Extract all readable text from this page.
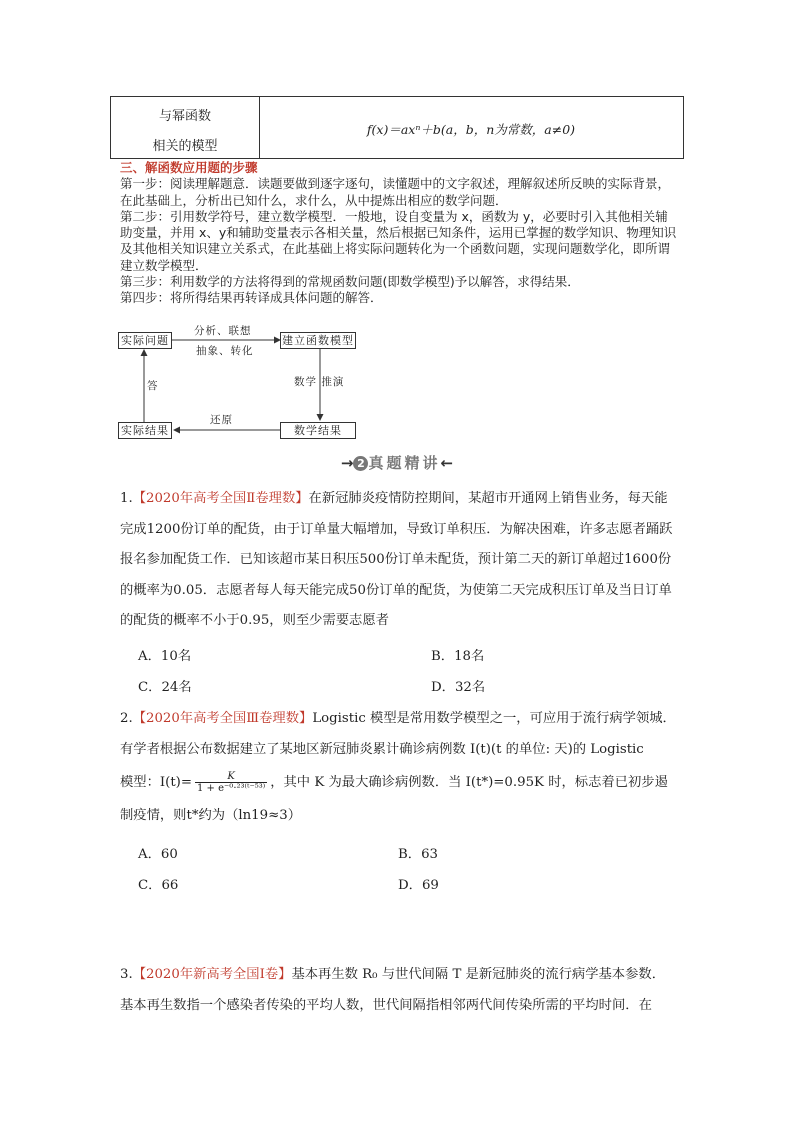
与幂函数
相关的模型
f(x)＝axⁿ＋b(a，b，n为常数，a≠0)

三、解函数应用题的步骤

第一步：阅读理解题意．读题要做到逐字逐句，读懂题中的文字叙述，理解叙述所反映的实际背景，在此基础上，分析出已知什么，求什么，从中提炼出相应的数学问题．

第二步：引用数学符号，建立数学模型．一般地，设自变量为 x，函数为 y，必要时引入其他相关辅助变量，并用 x、y和辅助变量表示各相关量，然后根据已知条件，运用已掌握的数学知识、物理知识及其他相关知识建立关系式，在此基础上将实际问题转化为一个函数问题，实现问题数学化，即所谓建立数学模型．

第三步：利用数学的方法将得到的常规函数问题(即数学模型)予以解答，求得结果．

第四步：将所得结果再转译成具体问题的解答．

实际问题	建立函数模型
数学结果
实际结果
分析、联想
抽象、转化
数学 推演
还原
答
→ 2 真题精讲←

1.【2020年高考全国Ⅱ卷理数】在新冠肺炎疫情防控期间，某超市开通网上销售业务，每天能完成1200份订单的配货，由于订单量大幅增加，导致订单积压．为解决困难，许多志愿者踊跃报名参加配货工作．已知该超市某日积压500份订单未配货，预计第二天的新订单超过1600份的概率为0.05．志愿者每人每天能完成50份订单的配货，为使第二天完成积压订单及当日订单的配货的概率不小于0.95，则至少需要志愿者

A．10名	B．18名
C．24名	D．32名

2.【2020年高考全国Ⅲ卷理数】Logistic 模型是常用数学模型之一，可应用于流行病学领城．有学者根据公布数据建立了某地区新冠肺炎累计确诊病例数 I(t)(t 的单位: 天)的 Logistic

模型：$I(t)= \frac{K}{\text{1 + e⁻⁰·²³⁽ᵗ⁻⁵³⁾}}$ ，其中 K 为最大确诊病例数．当 I(t*)=0.95K 时，标志着已初步遏

制疫情，则t*约为（ln19≈3）

A．60	B．63
C．66	D．69

3.【2020年新高考全国Ⅰ卷】基本再生数 R₀ 与世代间隔 T 是新冠肺炎的流行病学基本参数．

基本再生数指一个感染者传染的平均人数，世代间隔指相邻两代间传染所需的平均时间．在
